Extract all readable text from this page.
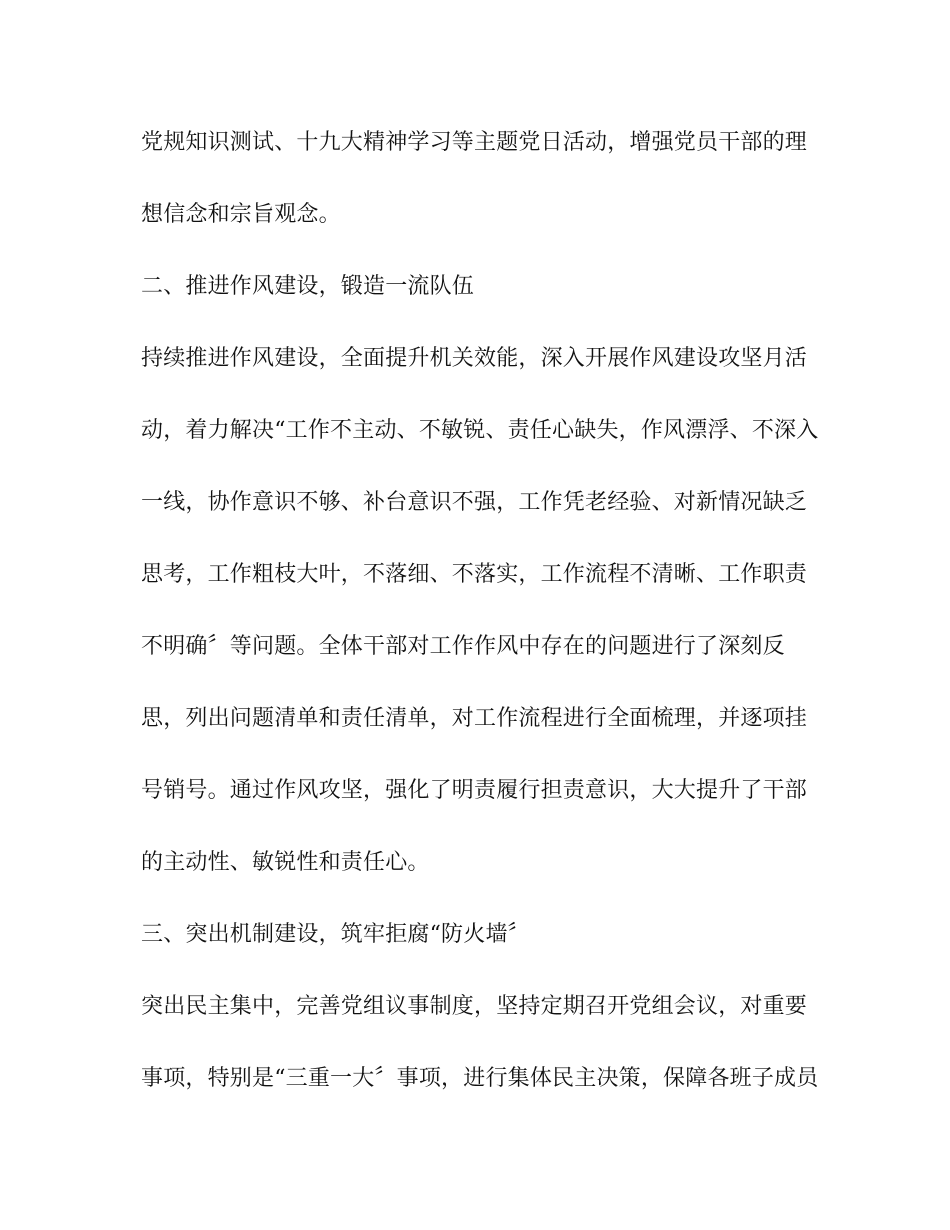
党规知识测试、十九大精神学习等主题党日活动，增强党员干部的理
想信念和宗旨观念。
二、推进作风建设，锻造一流队伍
持续推进作风建设，全面提升机关效能，深入开展作风建设攻坚月活
动，着力解决“工作不主动、不敏锐、责任心缺失，作风漂浮、不深入
一线，协作意识不够、补台意识不强，工作凭老经验、对新情况缺乏
思考，工作粗枝大叶，不落细、不落实，工作流程不清晰、工作职责
不明确〞等问题。全体干部对工作作风中存在的问题进行了深刻反
思，列出问题清单和责任清单，对工作流程进行全面梳理，并逐项挂
号销号。通过作风攻坚，强化了明责履行担责意识，大大提升了干部
的主动性、敏锐性和责任心。
三、突出机制建设，筑牢拒腐“防火墙〞
突出民主集中，完善党组议事制度，坚持定期召开党组会议，对重要
事项，特别是“三重一大〞事项，进行集体民主决策，保障各班子成员
